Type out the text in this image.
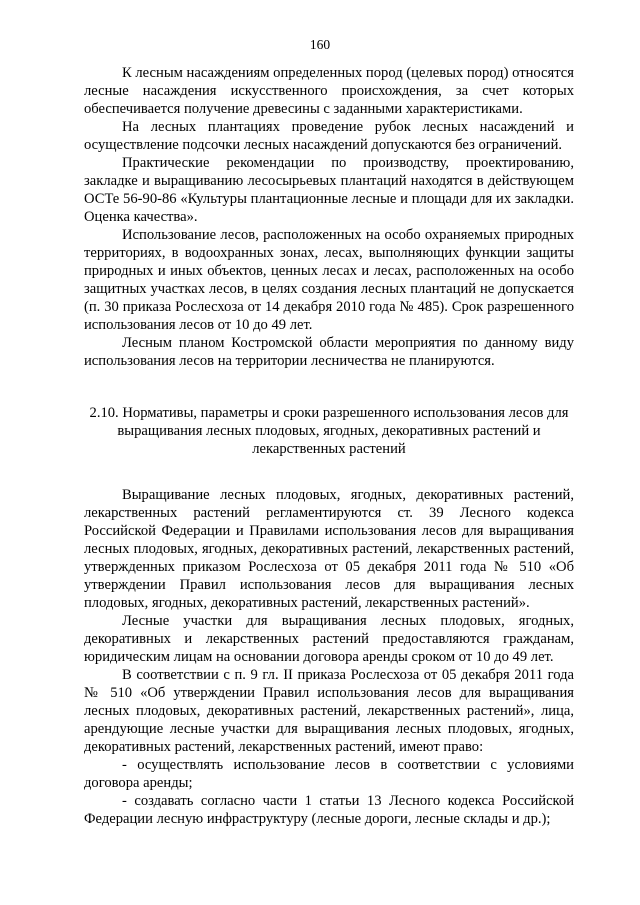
160

К лесным насаждениям определенных пород (целевых пород) относятся лесные насаждения искусственного происхождения, за счет которых обеспечивается получение древесины с заданными характеристиками.

На лесных плантациях проведение рубок лесных насаждений и осуществление подсочки лесных насаждений допускаются без ограничений.

Практические рекомендации по производству, проектированию, закладке и выращиванию лесосырьевых плантаций находятся в действующем ОСТе 56-90-86 «Культуры плантационные лесные и площади для их закладки. Оценка качества».

Использование лесов, расположенных на особо охраняемых природных территориях, в водоохранных зонах, лесах, выполняющих функции защиты природных и иных объектов, ценных лесах и лесах, расположенных на особо защитных участках лесов, в целях создания лесных плантаций не допускается (п. 30 приказа Рослесхоза от 14 декабря 2010 года № 485). Срок разрешенного использования лесов от 10 до 49 лет.

Лесным планом Костромской области мероприятия по данному виду использования лесов на территории лесничества не планируются.

2.10. Нормативы, параметры и сроки разрешенного использования лесов для выращивания лесных плодовых, ягодных, декоративных растений и лекарственных растений

Выращивание лесных плодовых, ягодных, декоративных растений, лекарственных растений регламентируются ст. 39 Лесного кодекса Российской Федерации и Правилами использования лесов для выращивания лесных плодовых, ягодных, декоративных растений, лекарственных растений, утвержденных приказом Рослесхоза от 05 декабря 2011 года № 510 «Об утверждении Правил использования лесов для выращивания лесных плодовых, ягодных, декоративных растений, лекарственных растений».

Лесные участки для выращивания лесных плодовых, ягодных, декоративных и лекарственных растений предоставляются гражданам, юридическим лицам на основании договора аренды сроком от 10 до 49 лет.

В соответствии с п. 9 гл. II приказа Рослесхоза от 05 декабря 2011 года № 510 «Об утверждении Правил использования лесов для выращивания лесных плодовых, декоративных растений, лекарственных растений», лица, арендующие лесные участки для выращивания лесных плодовых, ягодных, декоративных растений, лекарственных растений, имеют право:

- осуществлять использование лесов в соответствии с условиями договора аренды;

- создавать согласно части 1 статьи 13 Лесного кодекса Российской Федерации лесную инфраструктуру (лесные дороги, лесные склады и др.);
